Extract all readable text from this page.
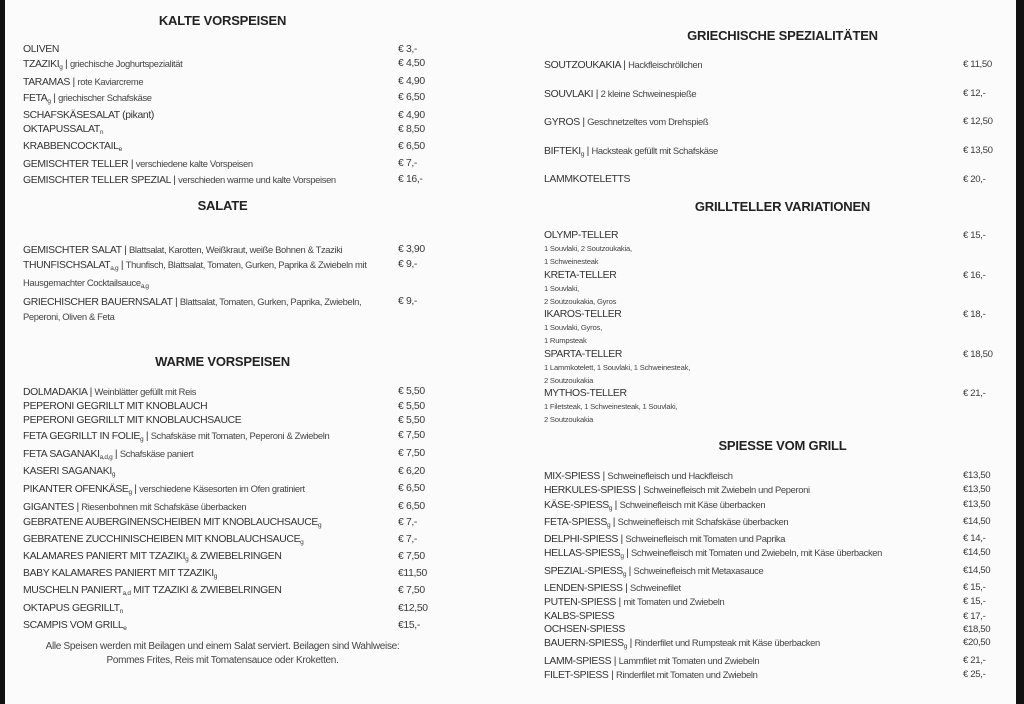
KALTE VORSPEISEN
OLIVEN	€ 3,-
$TZAZIKI_g$ | griechische Joghurtspezialität	€ 4,50
TARAMAS | rote Kaviarcreme	€ 4,90
$FETA_g$ | griechischer Schafskäse	€ 6,50
SCHAFSKÄSESALAT (pikant)	€ 4,90
$OKTAPUSSALAT_n$	€ 8,50
$KRABBENCOCKTAIL_e$	€ 6,50
GEMISCHTER TELLER | verschiedene kalte Vorspeisen	€ 7,-
GEMISCHTER TELLER SPEZIAL | verschieden warme und kalte Vorspeisen	€ 16,-
SALATE
GEMISCHTER SALAT | Blattsalat, Karotten, Weißkraut, weiße Bohnen & Tzaziki	€ 3,90
$THUNFISCHSALAT_{a,g}$ | Thunfisch, Blattsalat, Tomaten, Gurken, Paprika & Zwiebeln mit Hausgemachter Cocktailsauce$_{a,g}$
€ 9,-
GRIECHISCHER BAUERNSALAT | Blattsalat, Tomaten, Gurken, Paprika, Zwiebeln, Peperoni, Oliven & Feta
€ 9,-
WARME VORSPEISEN
DOLMADAKIA | Weinblätter gefüllt mit Reis	€ 5,50
PEPERONI GEGRILLT MIT KNOBLAUCH	€ 5,50
PEPERONI GEGRILLT MIT KNOBLAUCHSAUCE	€ 5,50
FETA GEGRILLT IN $FOLIE_g$ | Schafskäse mit Tomaten, Peperoni & Zwiebeln	€ 7,50
FETA $SAGANAKI_{a,d,g}$ | Schafskäse paniert	€ 7,50
KASERI $SAGANAKI_g$	€ 6,20
PIKANTER $OFENKÄSE_g$ | verschiedene Käsesorten im Ofen gratiniert	€ 6,50
GIGANTES | Riesenbohnen mit Schafskäse überbacken	€ 6,50
GEBRATENE AUBERGINENSCHEIBEN MIT $KNOBLAUCHSAUCE_g$	€ 7,-
GEBRATENE ZUCCHINISCHEIBEN MIT $KNOBLAUCHSAUCE_g$	€ 7,-
KALAMARES PANIERT MIT $TZAZIKI_g$ & ZWIEBELRINGEN	€ 7,50
BABY KALAMARES PANIERT MIT $TZAZIKI_g$	€11,50
MUSCHELN $PANIERT_{a,d}$ MIT TZAZIKI & ZWIEBELRINGEN	€ 7,50
OKTAPUS $GEGRILLT_n$	€12,50
SCAMPIS VOM $GRILL_e$	€15,-
Alle Speisen werden mit Beilagen und einem Salat serviert. Beilagen sind Wahlweise: Pommes Frites, Reis mit Tomatensauce oder Kroketten.
GRIECHISCHE SPEZIALITÄTEN
SOUTZOUKAKIA | Hackfleischröllchen	€ 11,50
SOUVLAKI | 2 kleine Schweinespieße	€ 12,-
GYROS | Geschnetzeltes vom Drehspieß	€ 12,50
$BIFTEKI_g$ | Hacksteak gefüllt mit Schafskäse	€ 13,50
LAMMKOTELETTS	€ 20,-
GRILLTELLER VARIATIONEN
OLYMP-TELLER
1 Souvlaki, 2 Soutzoukakia,
1 Schweinesteak
€ 15,-
KRETA-TELLER
1 Souvlaki,
2 Soutzoukakia, Gyros
€ 16,-
IKAROS-TELLER
1 Souvlaki, Gyros,
1 Rumpsteak
€ 18,-
SPARTA-TELLER
1 Lammkotelett, 1 Souvlaki, 1 Schweinesteak,
2 Soutzoukakia
€ 18,50
MYTHOS-TELLER
1 Filetsteak, 1 Schweinesteak, 1 Souvlaki,
2 Soutzoukakia
€ 21,-
SPIESSE VOM GRILL
MIX-SPIESS | Schweinefleisch und Hackfleisch	€13,50
HERKULES-SPIESS | Schweinefleisch mit Zwiebeln und Peperoni	€13,50
KÄSE-$SPIESS_g$ | Schweinefleisch mit Käse überbacken	€13,50
FETA-$SPIESS_g$ | Schweinefleisch mit Schafskäse überbacken	€14,50
DELPHI-SPIESS | Schweinefleisch mit Tomaten und Paprika	€ 14,-
HELLAS-$SPIESS_g$ | Schweinefleisch mit Tomaten und Zwiebeln, mit Käse überbacken	€14,50
SPEZIAL-$SPIESS_g$ | Schweinefleisch mit Metaxasauce	€14,50
LENDEN-SPIESS | Schweinefilet	€ 15,-
PUTEN-SPIESS | mit Tomaten und Zwiebeln	€ 15,-
KALBS-SPIESS	€ 17,-
OCHSEN-SPIESS	€18,50
BAUERN-$SPIESS_g$ | Rinderfilet und Rumpsteak mit Käse überbacken	€20,50
LAMM-SPIESS | Lammfilet mit Tomaten und Zwiebeln	€ 21,-
FILET-SPIESS | Rinderfilet mit Tomaten und Zwiebeln	€ 25,-
